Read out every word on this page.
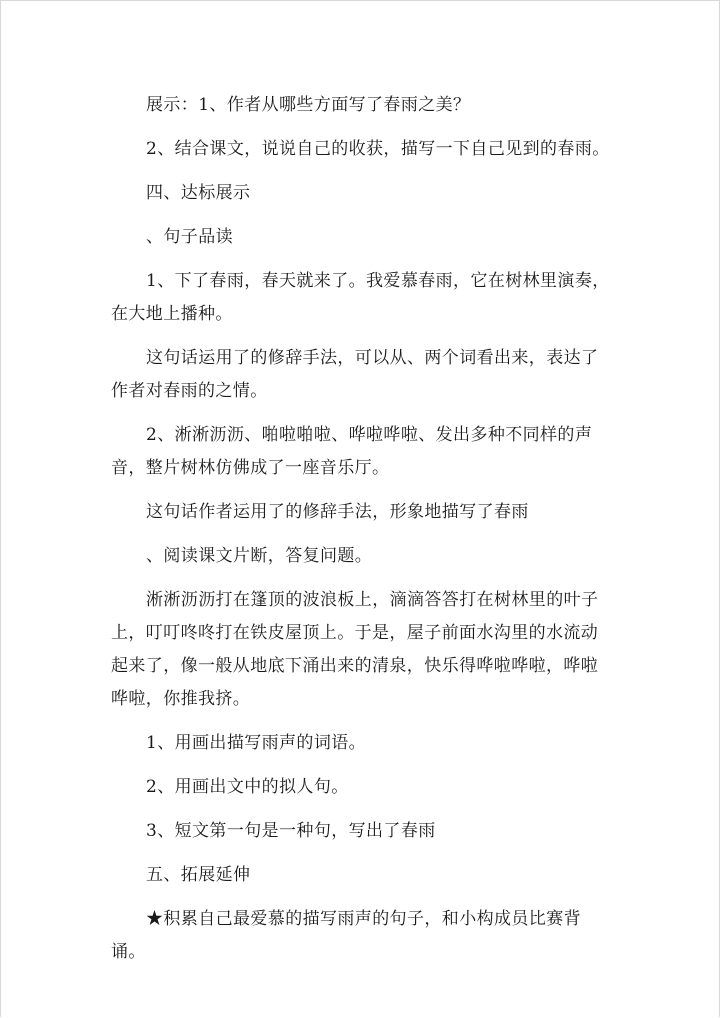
展示：1、作者从哪些方面写了春雨之美？

2、结合课文，说说自己的收获，描写一下自己见到的春雨。

四、达标展示

、句子品读

1、下了春雨，春天就来了。我爱慕春雨，它在树林里演奏，在大地上播种。

这句话运用了的修辞手法，可以从、两个词看出来，表达了作者对春雨的之情。

2、淅淅沥沥、啪啦啪啦、哗啦哗啦、发出多种不同样的声音，整片树林仿佛成了一座音乐厅。

这句话作者运用了的修辞手法，形象地描写了春雨

、阅读课文片断，答复问题。

淅淅沥沥打在篷顶的波浪板上，滴滴答答打在树林里的叶子上，叮叮咚咚打在铁皮屋顶上。于是，屋子前面水沟里的水流动起来了，像一般从地底下涌出来的清泉，快乐得哗啦哗啦，哗啦哗啦，你推我挤。

1、用画出描写雨声的词语。

2、用画出文中的拟人句。

3、短文第一句是一种句，写出了春雨

五、拓展延伸

★积累自己最爱慕的描写雨声的句子，和小构成员比赛背诵。
